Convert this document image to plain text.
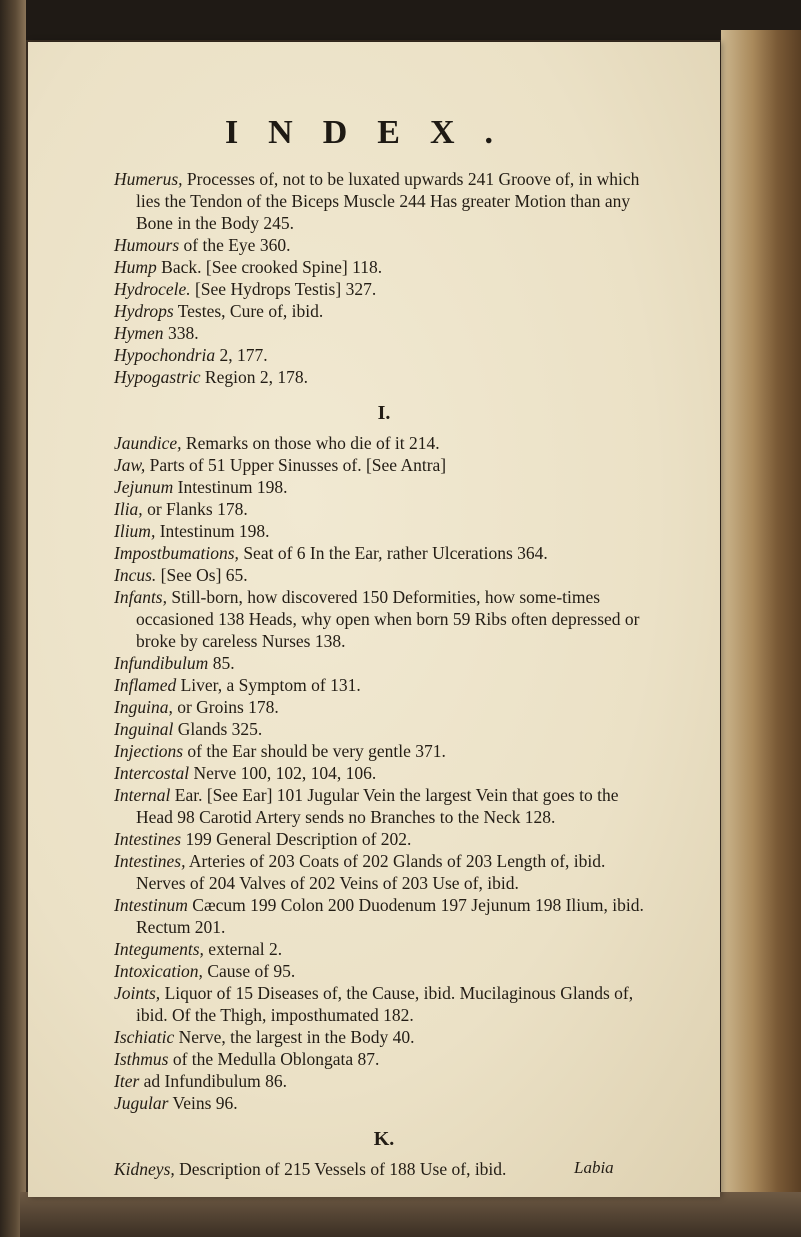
INDEX.

Humerus, Processes of, not to be luxated upwards 241 Groove of, in which lies the Tendon of the Biceps Muscle 244 Has greater Motion than any Bone in the Body 245.

Humours of the Eye 360.

Hump Back. [See crooked Spine] 118.

Hydrocele. [See Hydrops Testis] 327.

Hydrops Testes, Cure of, ibid.

Hymen 338.

Hypochondria 2, 177.

Hypogastric Region 2, 178.

I.

Jaundice, Remarks on those who die of it 214.

Jaw, Parts of 51 Upper Sinusses of. [See Antra]

Jejunum Intestinum 198.

Ilia, or Flanks 178.

Ilium, Intestinum 198.

Impostbumations, Seat of 6 In the Ear, rather Ulcerations 364.

Incus. [See Os] 65.

Infants, Still-born, how discovered 150 Deformities, how some-times occasioned 138 Heads, why open when born 59 Ribs often depressed or broke by careless Nurses 138.

Infundibulum 85.

Inflamed Liver, a Symptom of 131.

Inguina, or Groins 178.

Inguinal Glands 325.

Injections of the Ear should be very gentle 371.

Intercostal Nerve 100, 102, 104, 106.

Internal Ear. [See Ear] 101 Jugular Vein the largest Vein that goes to the Head 98 Carotid Artery sends no Branches to the Neck 128.

Intestines 199 General Description of 202.

Intestines, Arteries of 203 Coats of 202 Glands of 203 Length of, ibid. Nerves of 204 Valves of 202 Veins of 203 Use of, ibid.

Intestinum Cæcum 199 Colon 200 Duodenum 197 Jejunum 198 Ilium, ibid. Rectum 201.

Integuments, external 2.

Intoxication, Cause of 95.

Joints, Liquor of 15 Diseases of, the Cause, ibid. Mucilaginous Glands of, ibid. Of the Thigh, imposthumated 182.

Ischiatic Nerve, the largest in the Body 40.

Isthmus of the Medulla Oblongata 87.

Iter ad Infundibulum 86.

Jugular Veins 96.

K.

Kidneys, Description of 215 Vessels of 188 Use of, ibid.	Labia
